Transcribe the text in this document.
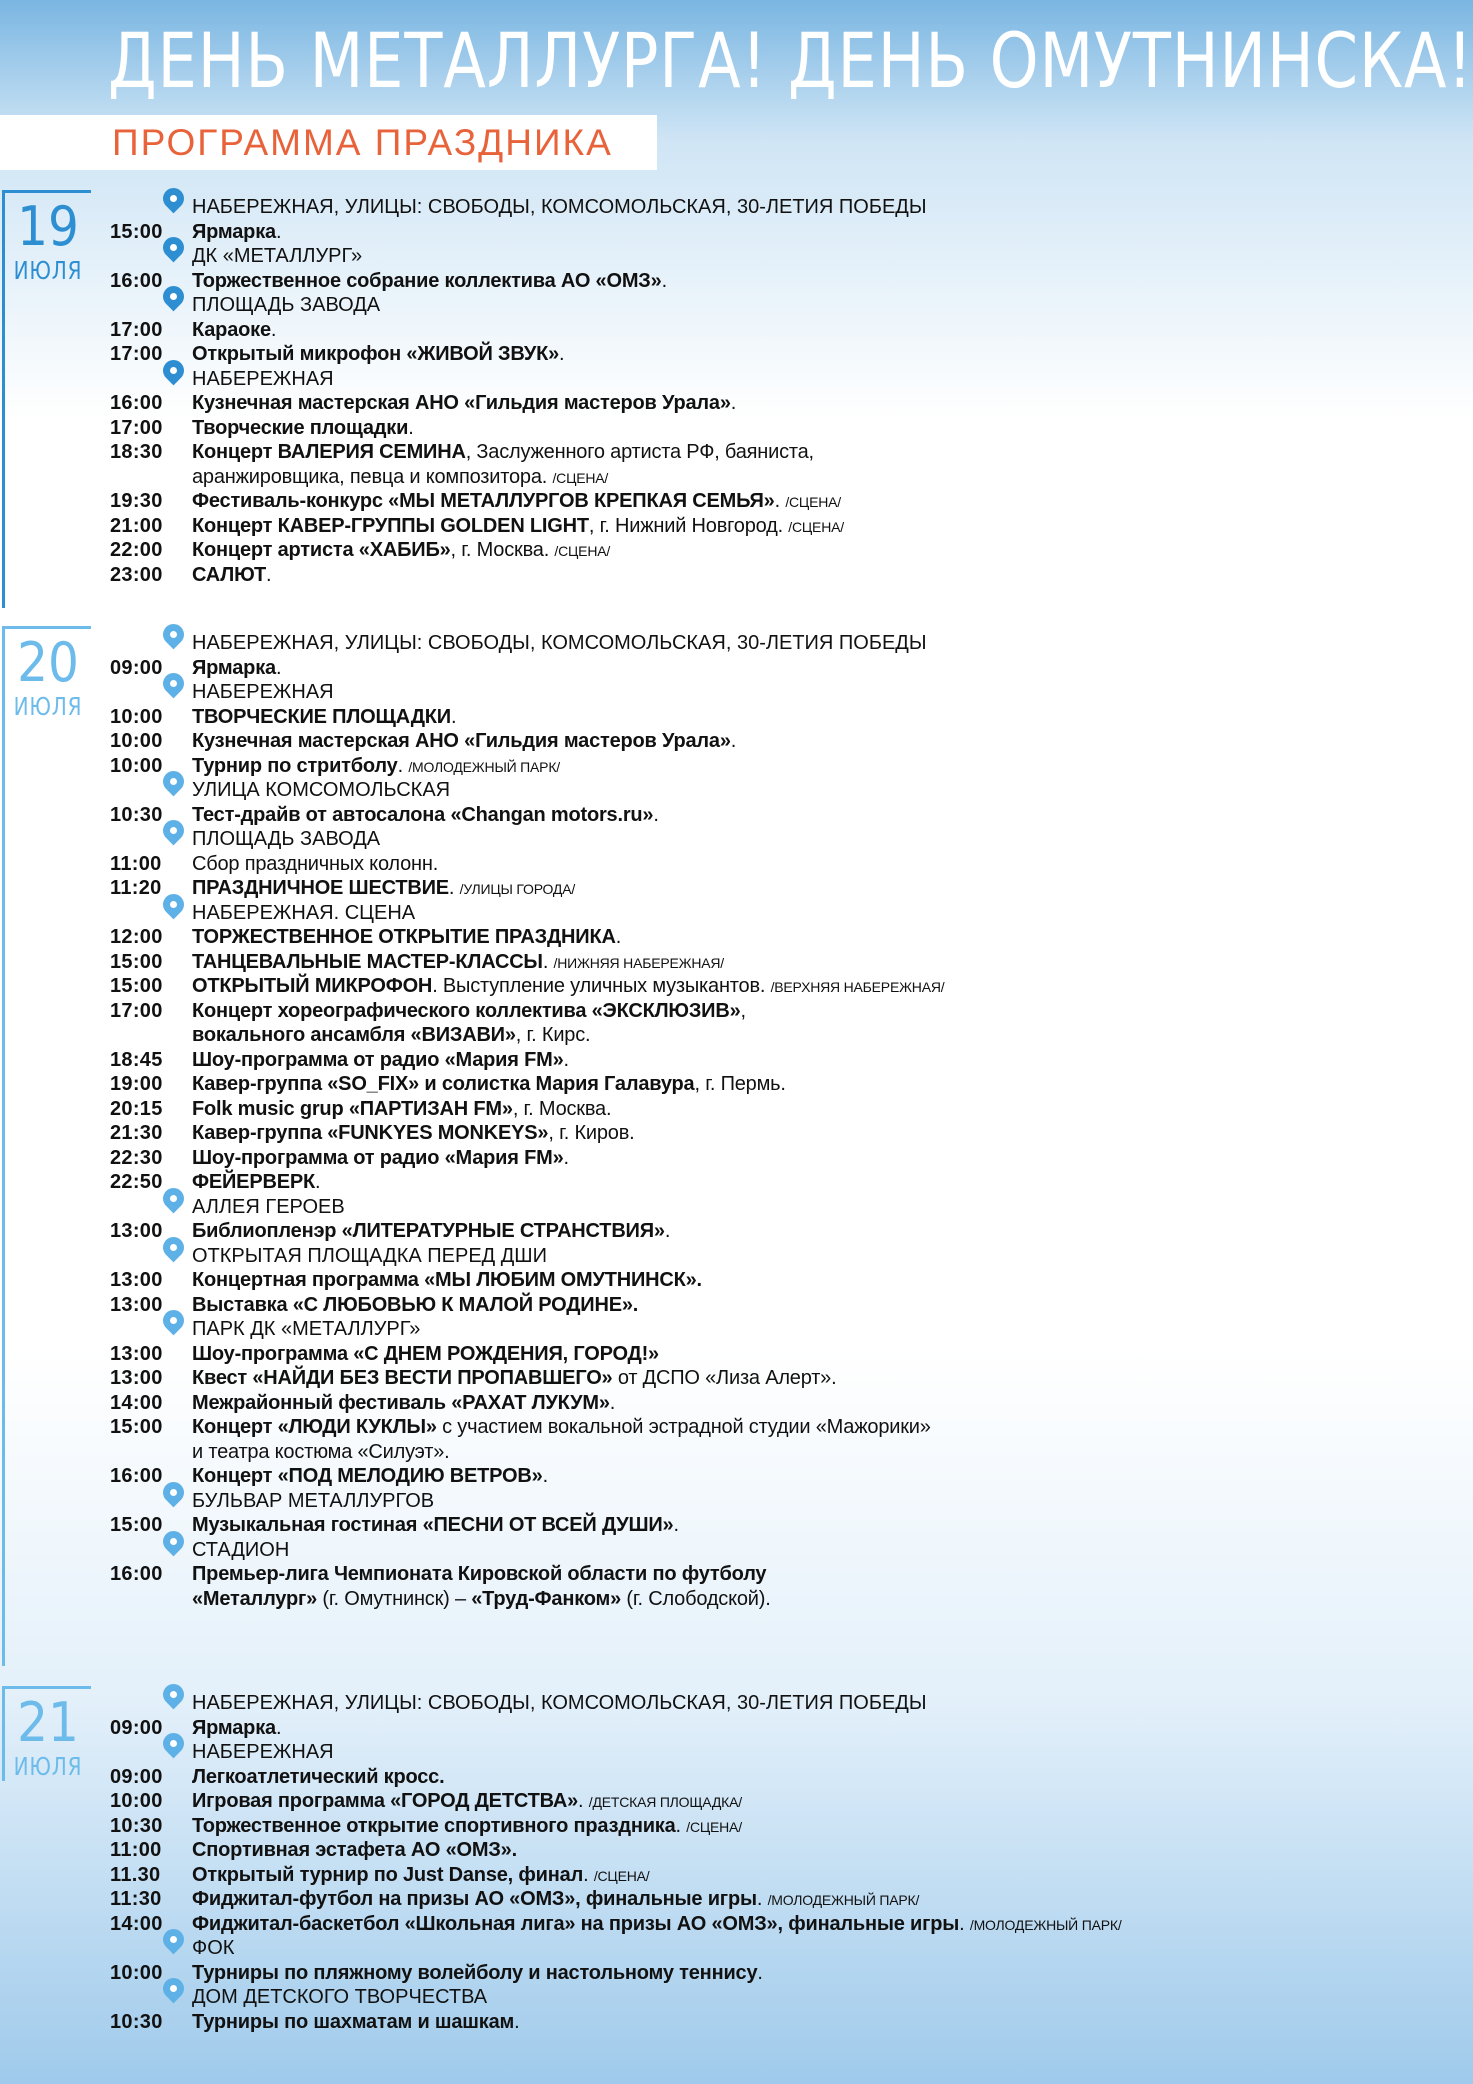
ДЕНЬ МЕТАЛЛУРГА! ДЕНЬ ОМУТНИНСКА!
ПРОГРАММА ПРАЗДНИКА
19
ИЮЛЯ
НАБЕРЕЖНАЯ, УЛИЦЫ: СВОБОДЫ, КОМСОМОЛЬСКАЯ, 30-ЛЕТИЯ ПОБЕДЫ
15:00 Ярмарка.
ДК «МЕТАЛЛУРГ»
16:00 Торжественное собрание коллектива АО «ОМЗ».
ПЛОЩАДЬ ЗАВОДА
17:00 Караоке.
17:00 Открытый микрофон «ЖИВОЙ ЗВУК».
НАБЕРЕЖНАЯ
16:00 Кузнечная мастерская АНО «Гильдия мастеров Урала».
17:00 Творческие площадки.
18:30 Концерт ВАЛЕРИЯ СЕМИНА, Заслуженного артиста РФ, баяниста,
аранжировщика, певца и композитора. /СЦЕНА/
19:30 Фестиваль-конкурс «МЫ МЕТАЛЛУРГОВ КРЕПКАЯ СЕМЬЯ». /СЦЕНА/
21:00 Концерт КАВЕР-ГРУППЫ GOLDEN LIGHT, г. Нижний Новгород. /СЦЕНА/
22:00 Концерт артиста «ХАБИБ», г. Москва. /СЦЕНА/
23:00 САЛЮТ.
20
ИЮЛЯ
НАБЕРЕЖНАЯ, УЛИЦЫ: СВОБОДЫ, КОМСОМОЛЬСКАЯ, 30-ЛЕТИЯ ПОБЕДЫ
09:00 Ярмарка.
НАБЕРЕЖНАЯ
10:00 ТВОРЧЕСКИЕ ПЛОЩАДКИ.
10:00 Кузнечная мастерская АНО «Гильдия мастеров Урала».
10:00 Турнир по стритболу. /МОЛОДЕЖНЫЙ ПАРК/
УЛИЦА КОМСОМОЛЬСКАЯ
10:30 Тест-драйв от автосалона «Changan motors.ru».
ПЛОЩАДЬ ЗАВОДА
11:00 Сбор праздничных колонн.
11:20 ПРАЗДНИЧНОЕ ШЕСТВИЕ. /УЛИЦЫ ГОРОДА/
НАБЕРЕЖНАЯ. СЦЕНА
12:00 ТОРЖЕСТВЕННОЕ ОТКРЫТИЕ ПРАЗДНИКА.
15:00 ТАНЦЕВАЛЬНЫЕ МАСТЕР-КЛАССЫ. /НИЖНЯЯ НАБЕРЕЖНАЯ/
15:00 ОТКРЫТЫЙ МИКРОФОН. Выступление уличных музыкантов. /ВЕРХНЯЯ НАБЕРЕЖНАЯ/
17:00 Концерт хореографического коллектива «ЭКСКЛЮЗИВ»,
вокального ансамбля «ВИЗАВИ», г. Кирс.
18:45 Шоу-программа от радио «Мария FM».
19:00 Кавер-группа «SO_FIX» и солистка Мария Галавура, г. Пермь.
20:15 Folk music grup «ПАРТИЗАН FM», г. Москва.
21:30 Кавер-группа «FUNKYES MONKEYS», г. Киров.
22:30 Шоу-программа от радио «Мария FM».
22:50 ФЕЙЕРВЕРК.
АЛЛЕЯ ГЕРОЕВ
13:00 Библиопленэр «ЛИТЕРАТУРНЫЕ СТРАНСТВИЯ».
ОТКРЫТАЯ ПЛОЩАДКА ПЕРЕД ДШИ
13:00 Концертная программа «МЫ ЛЮБИМ ОМУТНИНСК».
13:00 Выставка «С ЛЮБОВЬЮ К МАЛОЙ РОДИНЕ».
ПАРК ДК «МЕТАЛЛУРГ»
13:00 Шоу-программа «С ДНЕМ РОЖДЕНИЯ, ГОРОД!»
13:00 Квест «НАЙДИ БЕЗ ВЕСТИ ПРОПАВШЕГО» от ДСПО «Лиза Алерт».
14:00 Межрайонный фестиваль «РАХАТ ЛУКУМ».
15:00 Концерт «ЛЮДИ КУКЛЫ» с участием вокальной эстрадной студии «Мажорики»
и театра костюма «Силуэт».
16:00 Концерт «ПОД МЕЛОДИЮ ВЕТРОВ».
БУЛЬВАР МЕТАЛЛУРГОВ
15:00 Музыкальная гостиная «ПЕСНИ ОТ ВСЕЙ ДУШИ».
СТАДИОН
16:00 Премьер-лига Чемпионата Кировской области по футболу
«Металлург» (г. Омутнинск) – «Труд-Фанком» (г. Слободской).
21
ИЮЛЯ
НАБЕРЕЖНАЯ, УЛИЦЫ: СВОБОДЫ, КОМСОМОЛЬСКАЯ, 30-ЛЕТИЯ ПОБЕДЫ
09:00 Ярмарка.
НАБЕРЕЖНАЯ
09:00 Легкоатлетический кросс.
10:00 Игровая программа «ГОРОД ДЕТСТВА». /ДЕТСКАЯ ПЛОЩАДКА/
10:30 Торжественное открытие спортивного праздника. /СЦЕНА/
11:00 Спортивная эстафета АО «ОМЗ».
11.30 Открытый турнир по Just Danse, финал. /СЦЕНА/
11:30 Фиджитал-футбол на призы АО «ОМЗ», финальные игры. /МОЛОДЕЖНЫЙ ПАРК/
14:00 Фиджитал-баскетбол «Школьная лига» на призы АО «ОМЗ», финальные игры. /МОЛОДЕЖНЫЙ ПАРК/
ФОК
10:00 Турниры по пляжному волейболу и настольному теннису.
ДОМ ДЕТСКОГО ТВОРЧЕСТВА
10:30 Турниры по шахматам и шашкам.
